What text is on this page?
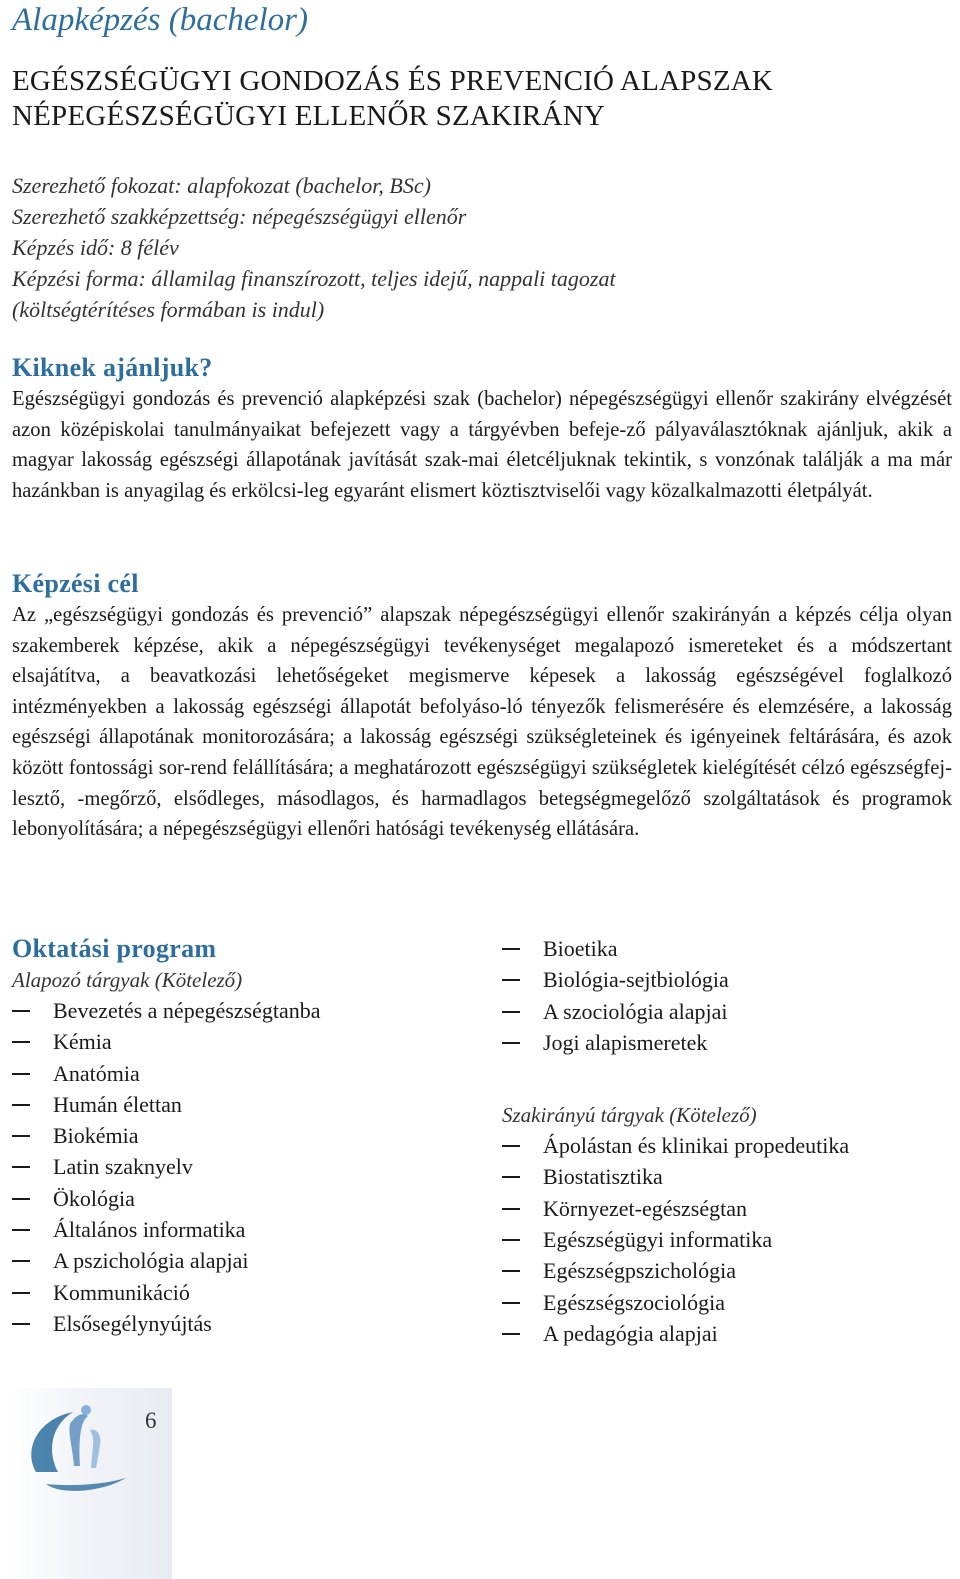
Alapképzés (bachelor)
EGÉSZSÉGÜGYI GONDOZÁS ÉS PREVENCIÓ ALAPSZAK
NÉPEGÉSZSÉGÜGYI ELLENŐR SZAKIRÁNY
Szerezhető fokozat: alapfokozat (bachelor, BSc)
Szerezhető szakképzettség: népegészségügyi ellenőr
Képzés idő: 8 félév
Képzési forma: államilag finanszírozott, teljes idejű, nappali tagozat
(költségtérítéses formában is indul)
Kiknek ajánljuk?

Egészségügyi gondozás és prevenció alapképzési szak (bachelor) népegészségügyi ellenőr szakirány elvégzését azon középiskolai tanulmányaikat befejezett vagy a tárgyévben befeje-ző pályaválasztóknak ajánljuk, akik a magyar lakosság egészségi állapotának javítását szak-mai életcéljuknak tekintik, s vonzónak találják a ma már hazánkban is anyagilag és erkölcsi-leg egyaránt elismert köztisztviselői vagy közalkalmazotti életpályát.

Képzési cél

Az „egészségügyi gondozás és prevenció” alapszak népegészségügyi ellenőr szakirányán a képzés célja olyan szakemberek képzése, akik a népegészségügyi tevékenységet megalapozó ismereteket és a módszertant elsajátítva, a beavatkozási lehetőségeket megismerve képesek a lakosság egészségével foglalkozó intézményekben a lakosság egészségi állapotát befolyáso-ló tényezők felismerésére és elemzésére, a lakosság egészségi állapotának monitorozására; a lakosság egészségi szükségleteinek és igényeinek feltárására, és azok között fontossági sor-rend felállítására; a meghatározott egészségügyi szükségletek kielégítését célzó egészségfej-lesztő, -megőrző, elsődleges, másodlagos, és harmadlagos betegségmegelőző szolgáltatások és programok lebonyolítására; a népegészségügyi ellenőri hatósági tevékenység ellátására.

Oktatási program
Alapozó tárgyak (Kötelező)
Bevezetés a népegészségtanba
Kémia
Anatómia
Humán élettan
Biokémia
Latin szaknyelv
Ökológia
Általános informatika
A pszichológia alapjai
Kommunikáció
Elsősegélynyújtás
Bioetika
Biológia-sejtbiológia
A szociológia alapjai
Jogi alapismeretek
Szakirányú tárgyak (Kötelező)
Ápolástan és klinikai propedeutika
Biostatisztika
Környezet-egészségtan
Egészségügyi informatika
Egészségpszichológia
Egészségszociológia
A pedagógia alapjai
6
